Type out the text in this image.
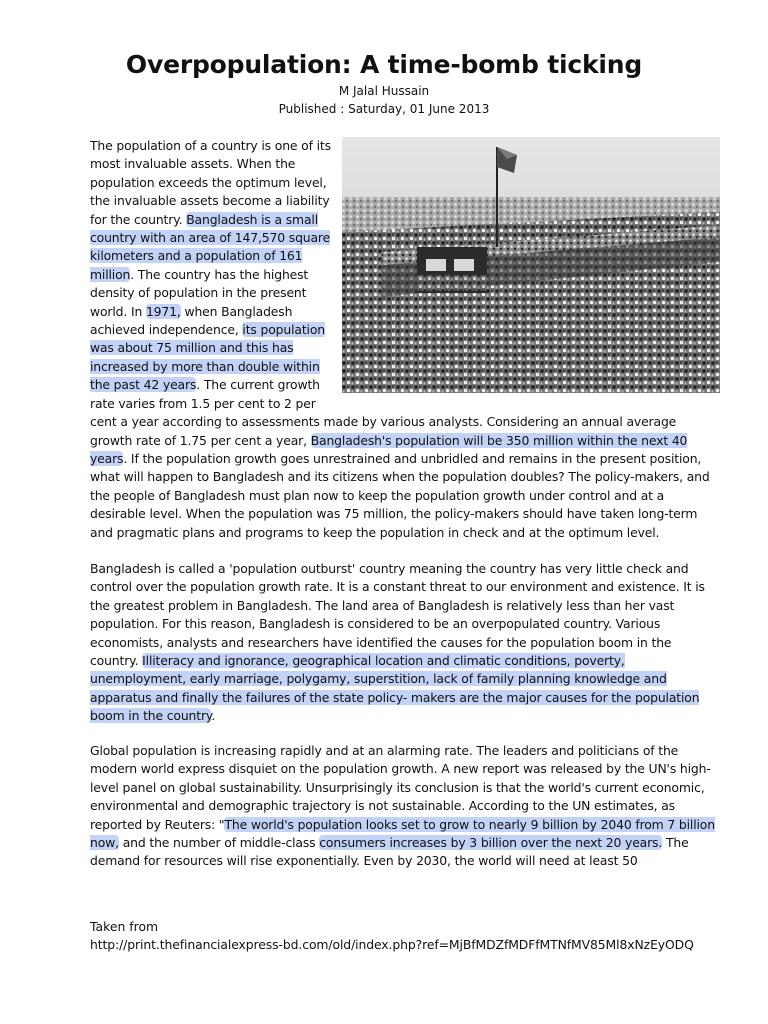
Overpopulation: A time-bomb ticking
M Jalal Hussain
Published : Saturday, 01 June 2013
The population of a country is one of its most invaluable assets. When the population exceeds the optimum level, the invaluable assets become a liability for the country. Bangladesh is a small country with an area of 147,570 square kilometers and a population of 161 million. The country has the highest density of population in the present world. In 1971, when Bangladesh achieved independence, its population was about 75 million and this has increased by more than double within the past 42 years. The current growth rate varies from 1.5 per cent to 2 per cent a year according to assessments made by various analysts. Considering an annual average growth rate of 1.75 per cent a year, Bangladesh's population will be 350 million within the next 40 years. If the population growth goes unrestrained and unbridled and remains in the present position, what will happen to Bangladesh and its citizens when the population doubles? The policy-makers, and the people of Bangladesh must plan now to keep the population growth under control and at a desirable level. When the population was 75 million, the policy-makers should have taken long-term and pragmatic plans and programs to keep the population in check and at the optimum level.
Bangladesh is called a 'population outburst' country meaning the country has very little check and control over the population growth rate. It is a constant threat to our environment and existence. It is the greatest problem in Bangladesh. The land area of Bangladesh is relatively less than her vast population. For this reason, Bangladesh is considered to be an overpopulated country. Various economists, analysts and researchers have identified the causes for the population boom in the country. Illiteracy and ignorance, geographical location and climatic conditions, poverty, unemployment, early marriage, polygamy, superstition, lack of family planning knowledge and apparatus and finally the failures of the state policy- makers are the major causes for the population boom in the country.
Global population is increasing rapidly and at an alarming rate. The leaders and politicians of the modern world express disquiet on the population growth. A new report was released by the UN's high-level panel on global sustainability. Unsurprisingly its conclusion is that the world's current economic, environmental and demographic trajectory is not sustainable. According to the UN estimates, as reported by Reuters: "The world's population looks set to grow to nearly 9 billion by 2040 from 7 billion now, and the number of middle-class consumers increases by 3 billion over the next 20 years. The demand for resources will rise exponentially. Even by 2030, the world will need at least 50
Taken from
http://print.thefinancialexpress-bd.com/old/index.php?ref=MjBfMDZfMDFfMTNfMV85Ml8xNzEyODQ
